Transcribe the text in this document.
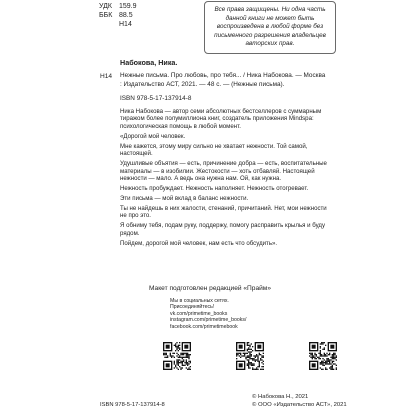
УДК 159.9
ББК 88.5
Н14
Все права защищены. Ни одна часть данной книги не может быть воспроизведена в любой форме без письменного разрешения владельцев авторских прав.
Набокова, Ника.
Н14 Нежные письма. Про любовь, про тебя... / Ника Набокова. — Москва : Издательство АСТ, 2021. — 48 с. — (Нежные письма).
ISBN 978-5-17-137914-8

Ника Набокова — автор семи абсолютных бестселлеров с суммарным тиражом более полумиллиона книг, создатель приложения Mindspa: психологическая помощь в любой момент.

«Дорогой мой человек.

Мне кажется, этому миру сильно не хватает нежности. Той самой, настоящей.

Удушливые объятия — есть, причинение добра — есть, воспитательные материалы — в изобилии. Жестокости — хоть отбавляй. Настоящей нежности — мало. А ведь она нужна нам. Ой, как нужна.

Нежность пробуждает. Нежность наполняет. Нежность отогревает.

Эти письма — мой вклад в баланс нежности.

Ты не найдешь в них жалости, стенаний, причитаний. Нет, мои нежности не про это.

Я обниму тебя, подам руку, поддержу, помогу расправить крылья и буду рядом.

Пойдем, дорогой мой человек, нам есть что обсудить».

Макет подготовлен редакцией «Прайм»
Мы в социальных сетях.
Присоединяйтесь!
vk.com/primetime_books
instagram.com/primetime_books/
facebook.com/primetimebook
ISBN 978-5-17-137914-8
© Набокова Н., 2021
© ООО «Издательство АСТ», 2021
